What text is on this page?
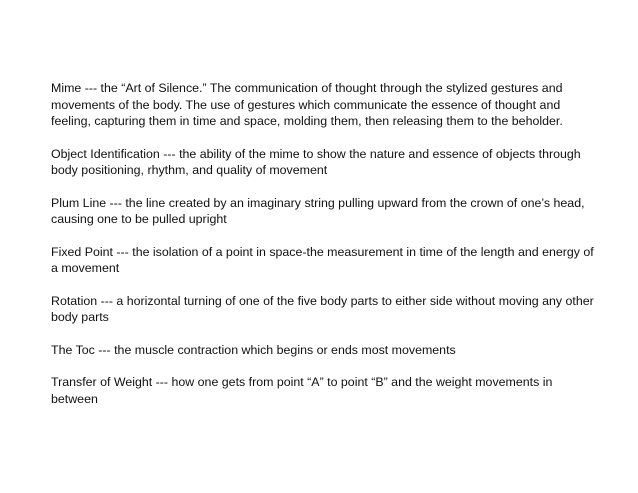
Mime --- the “Art of Silence.” The communication of thought through the stylized gestures and movements of the body. The use of gestures which communicate the essence of thought and feeling, capturing them in time and space, molding them, then releasing them to the beholder.

Object Identification --- the ability of the mime to show the nature and essence of objects through body positioning, rhythm, and quality of movement

Plum Line --- the line created by an imaginary string pulling upward from the crown of one’s head, causing one to be pulled upright

Fixed Point --- the isolation of a point in space-the measurement in time of the length and energy of a movement

Rotation --- a horizontal turning of one of the five body parts to either side without moving any other body parts

The Toc --- the muscle contraction which begins or ends most movements

Transfer of Weight --- how one gets from point “A” to point “B” and the weight movements in between
